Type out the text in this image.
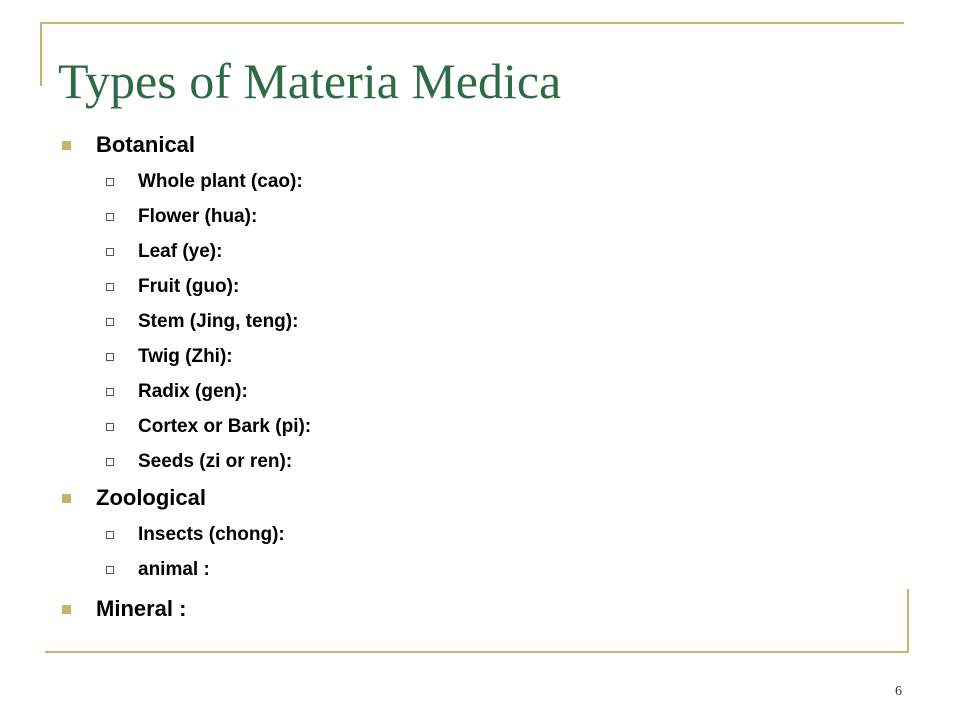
Types of Materia Medica
Botanical
Whole plant (cao):
Flower (hua):
Leaf (ye):
Fruit (guo):
Stem (Jing, teng):
Twig (Zhi):
Radix (gen):
Cortex or Bark (pi):
Seeds (zi or ren):
Zoological
Insects (chong):
animal :
Mineral :
6
